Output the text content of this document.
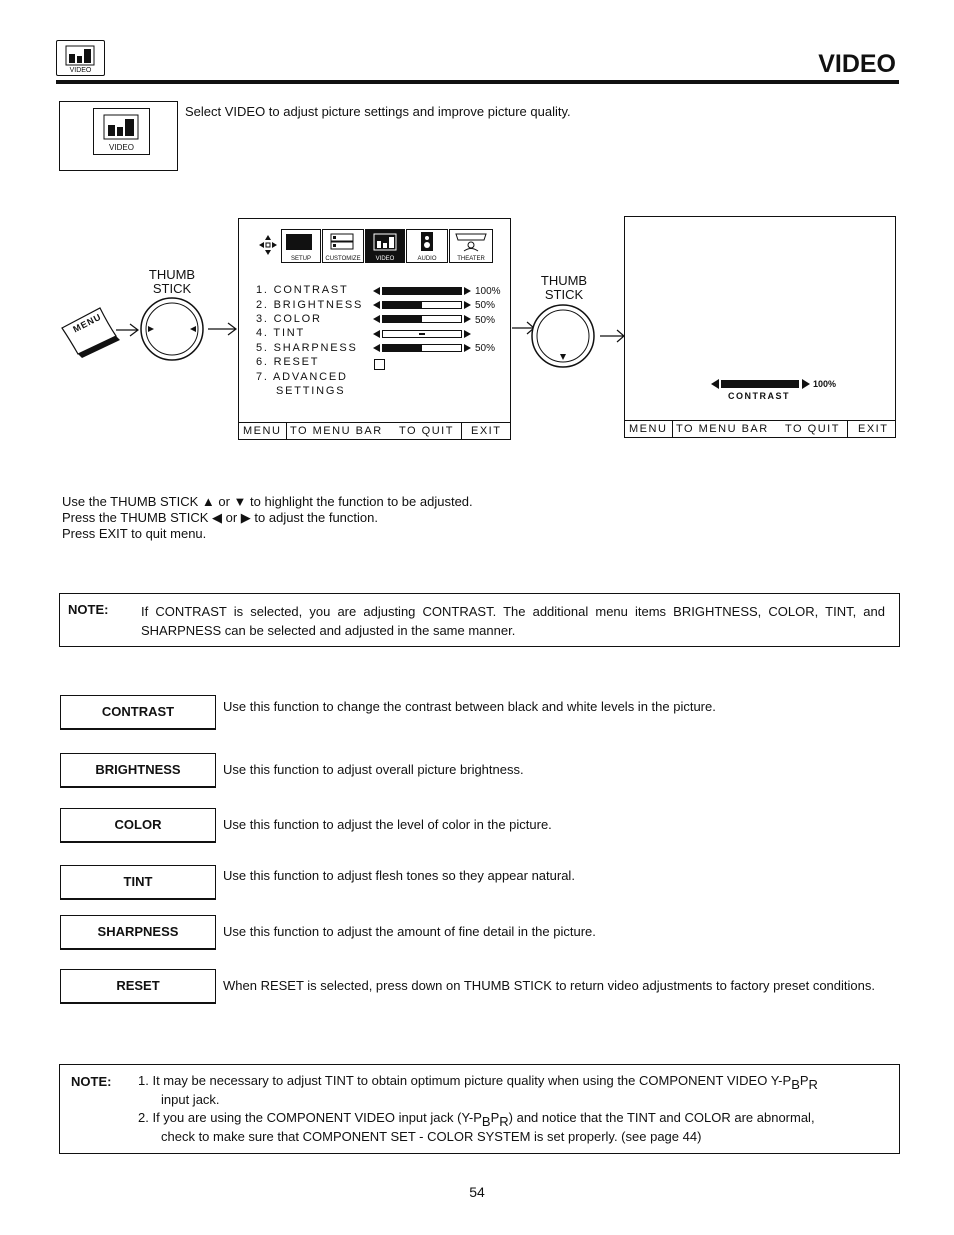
VIDEO	VIDEO
VIDEO
Select VIDEO to adjust picture settings and improve picture quality.
MENU
THUMB
STICK
SETUP	CUSTOMIZE	VIDEO	AUDIO	THEATER
1. CONTRAST
2. BRIGHTNESS
3. COLOR
4. TINT
5. SHARPNESS
6. RESET
7. ADVANCED
SETTINGS
100%
50%
50%
50%
MENU TO MENU BAR TO QUIT EXIT
THUMB
STICK
100%
CONTRAST
MENU TO MENU BAR TO QUIT EXIT
Use the THUMB STICK ▲ or ▼ to highlight the function to be adjusted.
Press the THUMB STICK ◀ or ▶ to adjust the function.
Press EXIT to quit menu.
NOTE:	If CONTRAST is selected, you are adjusting CONTRAST. The additional menu items BRIGHTNESS, COLOR, TINT, and SHARPNESS can be selected and adjusted in the same manner.
CONTRAST	Use this function to change the contrast between black and white levels in the picture.
BRIGHTNESS	Use this function to adjust overall picture brightness.
COLOR	Use this function to adjust the level of color in the picture.
TINT	Use this function to adjust flesh tones so they appear natural.
SHARPNESS	Use this function to adjust the amount of fine detail in the picture.
RESET	When RESET is selected, press down on THUMB STICK to return video adjustments to factory preset conditions.
NOTE: 1. It may be necessary to adjust TINT to obtain optimum picture quality when using the COMPONENT VIDEO $Y-P_BP_R$
input jack.
2. If you are using the COMPONENT VIDEO input jack $(Y-P_BP_R)$ and notice that the TINT and COLOR are abnormal,
check to make sure that COMPONENT SET - COLOR SYSTEM is set properly. (see page 44)
54
